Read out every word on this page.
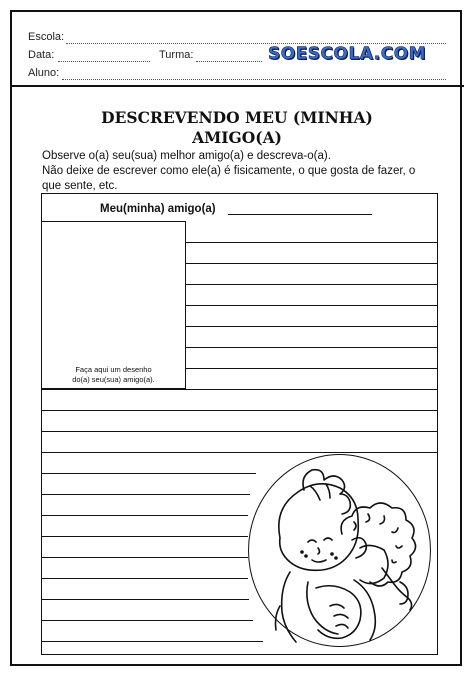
Escola:
Data:	Turma:
Aluno:
SOESCOLA.COM
DESCREVENDO MEU (MINHA)
AMIGO(A)
Observe o(a) seu(sua) melhor amigo(a) e descreva-o(a).
Não deixe de escrever como ele(a) é fisicamente, o que gosta de fazer, o que sente, etc.
Meu(minha) amigo(a)
Faça aqui um desenho
do(a) seu(sua) amigo(a).
